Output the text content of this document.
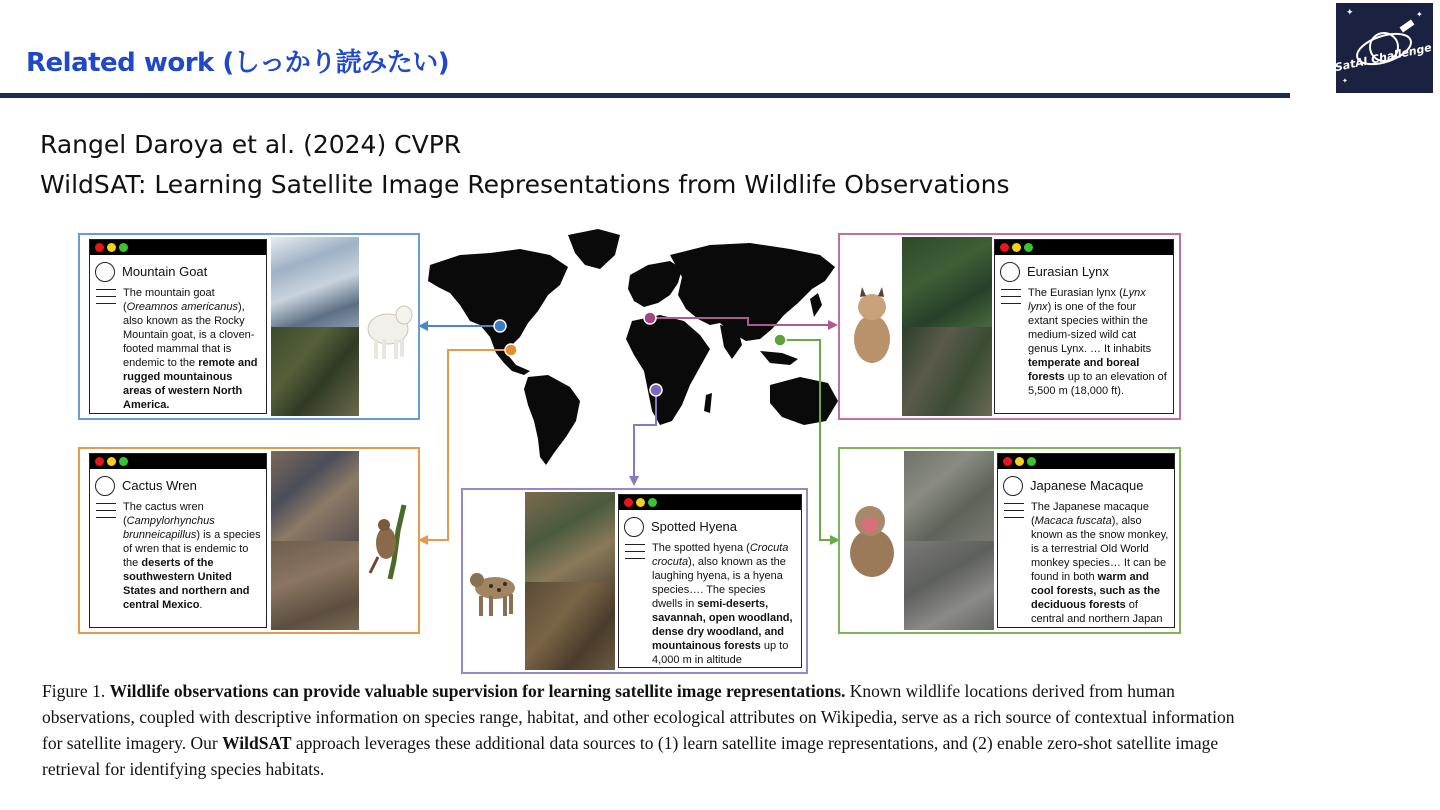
Related work (しっかり読みたい)
✦	✦
✦
SatAI Challenge
Rangel Daroya et al. (2024) CVPR
WildSAT: Learning Satellite Image Representations from Wildlife Observations
Mountain Goat
The mountain goat (Oreamnos americanus), also known as the Rocky Mountain goat, is a cloven-footed mammal that is endemic to the remote and rugged mountainous areas of western North America.
Eurasian Lynx
The Eurasian lynx (Lynx lynx) is one of the four extant species within the medium-sized wild cat genus Lynx. … It inhabits temperate and boreal forests up to an elevation of 5,500 m (18,000 ft).
Cactus Wren
The cactus wren (Campylorhynchus brunneicapillus) is a species of wren that is endemic to the deserts of the southwestern United States and northern and central Mexico.
Spotted Hyena
The spotted hyena (Crocuta crocuta), also known as the laughing hyena, is a hyena species…. The species dwells in semi-deserts, savannah, open woodland, dense dry woodland, and mountainous forests up to 4,000 m in altitude
Japanese Macaque
The Japanese macaque (Macaca fuscata), also known as the snow monkey, is a terrestrial Old World monkey species… It can be found in both warm and cool forests, such as the deciduous forests of central and northern Japan
Figure 1. Wildlife observations can provide valuable supervision for learning satellite image representations. Known wildlife locations derived from human observations, coupled with descriptive information on species range, habitat, and other ecological attributes on Wikipedia, serve as a rich source of contextual information for satellite imagery. Our WildSAT approach leverages these additional data sources to (1) learn satellite image representations, and (2) enable zero-shot satellite image retrieval for identifying species habitats.
